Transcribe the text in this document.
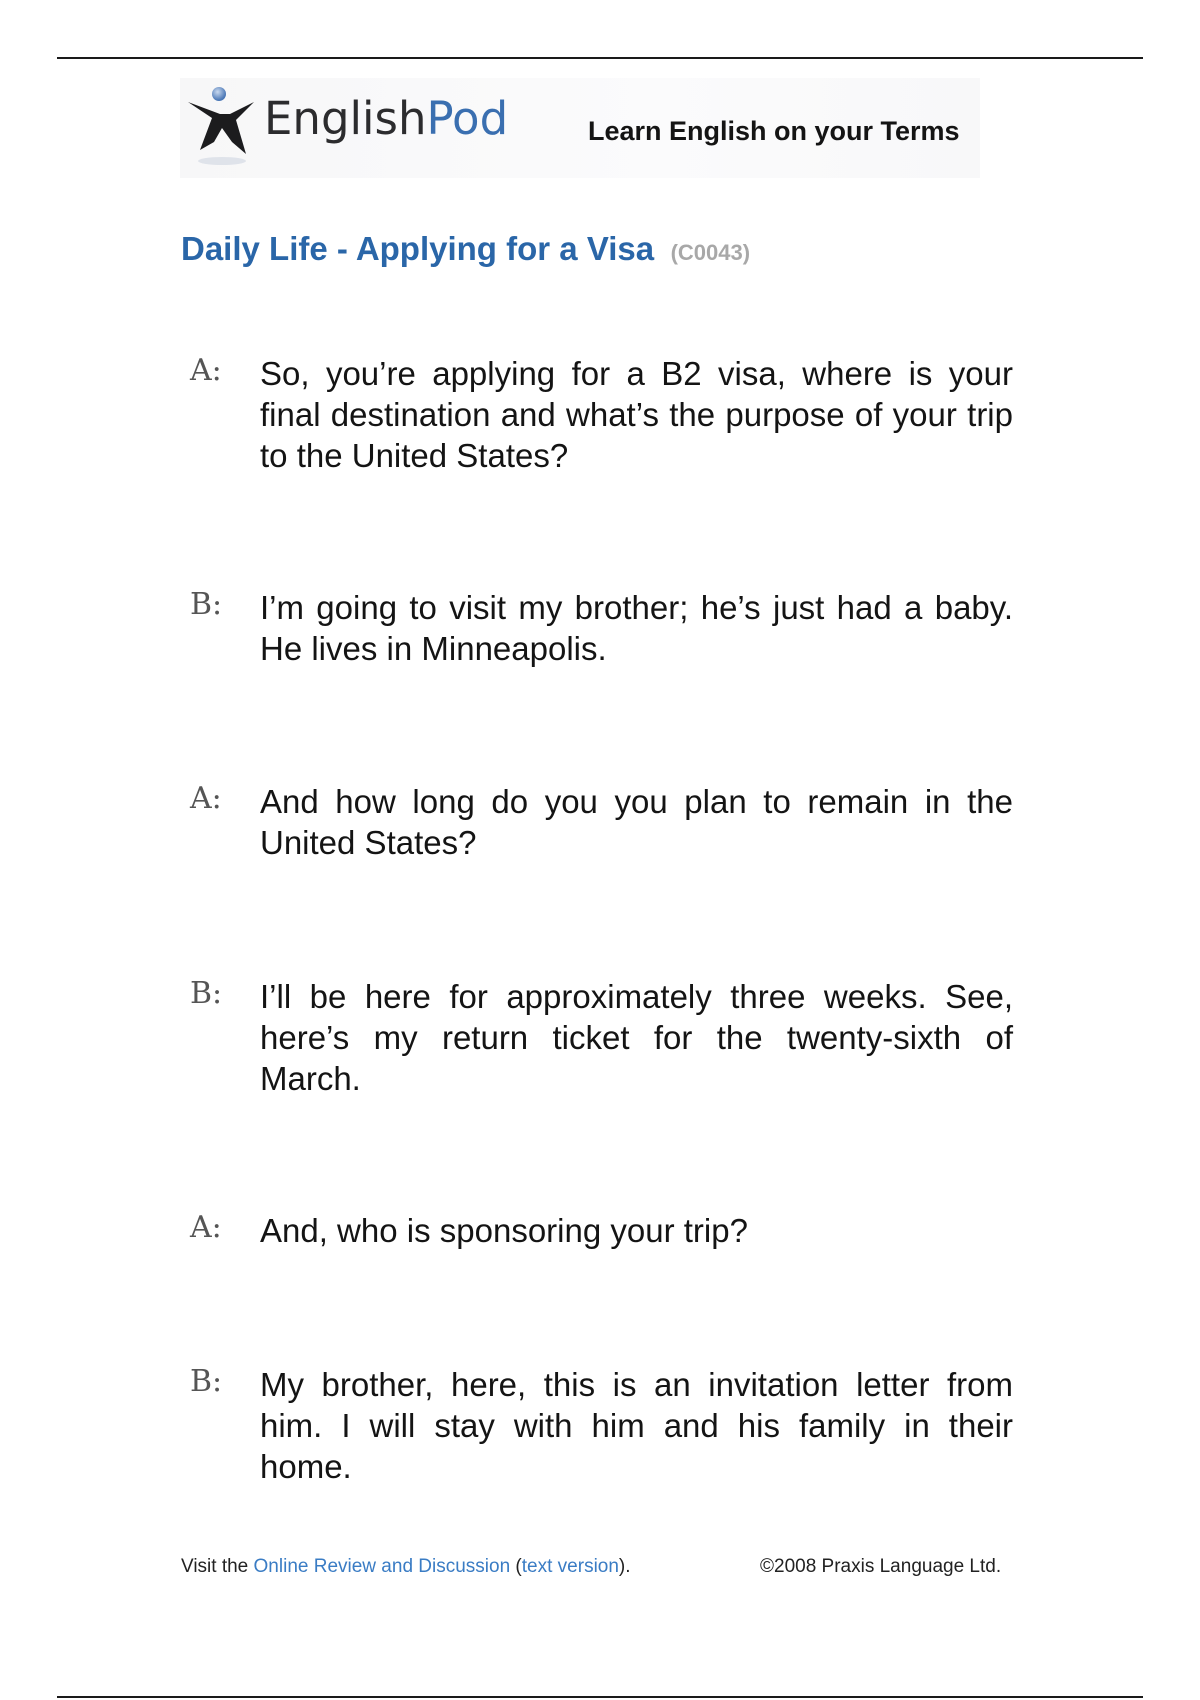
EnglishPod	Learn English on your Terms
Daily Life - Applying for a Visa (C0043)
A: So, you’re applying for a B2 visa, where is your final destination and what’s the purpose of your trip to the United States?
B: I’m going to visit my brother; he’s just had a baby. He lives in Minneapolis.
A: And how long do you you plan to remain in the United States?
B: I’ll be here for approximately three weeks. See, here’s my return ticket for the twenty-sixth of March.
A: And, who is sponsoring your trip?
B: My brother, here, this is an invitation letter from him. I will stay with him and his family in their home.
Visit the Online Review and Discussion (text version).	©2008 Praxis Language Ltd.
